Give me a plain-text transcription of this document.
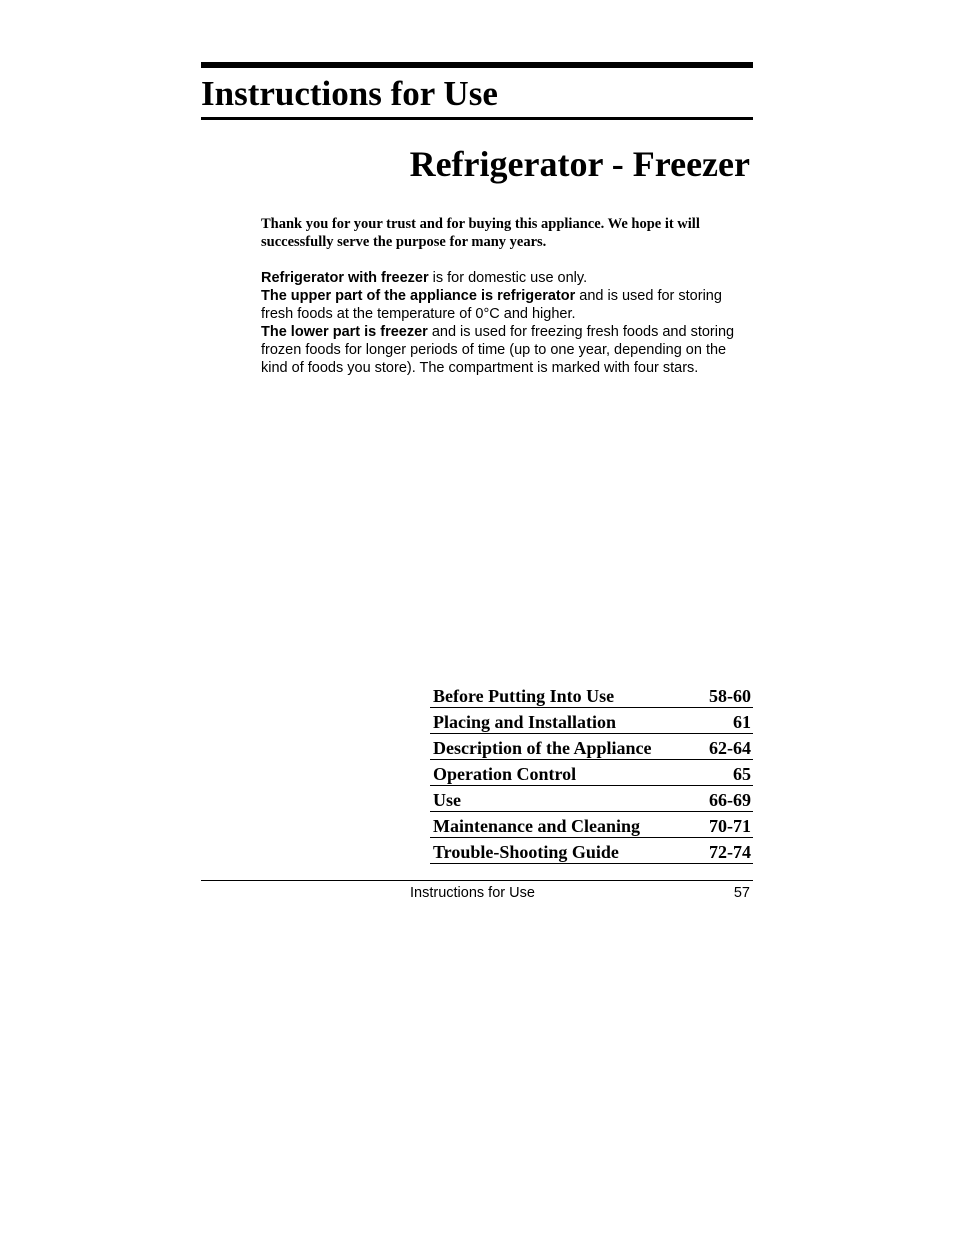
Instructions for Use
Refrigerator - Freezer

Thank you for your trust and for buying this appliance. We hope it will successfully serve the purpose for many years.

Refrigerator with freezer is for domestic use only.
The upper part of the appliance is refrigerator and is used for storing fresh foods at the temperature of 0°C and higher.
The lower part is freezer and is used for freezing fresh foods and storing frozen foods for longer periods of time (up to one year, depending on the kind of foods you store). The compartment is marked with four stars.

Before Putting Into Use	58-60
Placing and Installation	61
Description of the Appliance	62-64
Operation Control	65
Use	66-69
Maintenance and Cleaning	70-71
Trouble-Shooting Guide	72-74
Instructions for Use	57
